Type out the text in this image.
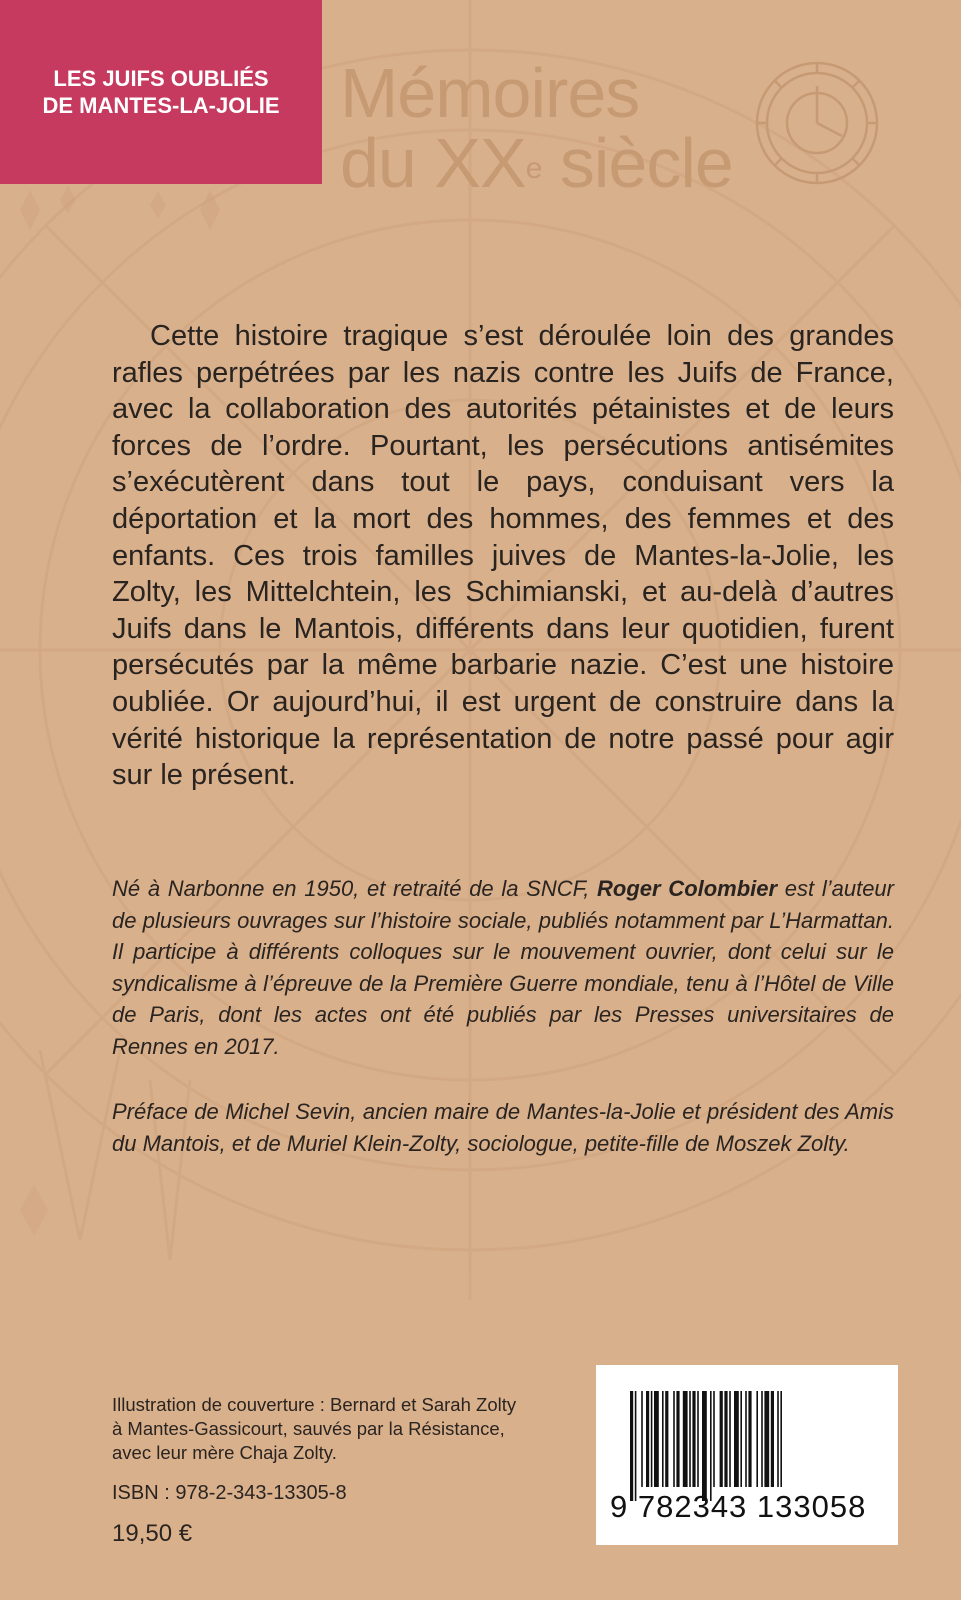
LES JUIFS OUBLIÉS
DE MANTES-LA-JOLIE Mémoires
du XXe siècle

Cette histoire tragique s’est déroulée loin des grandes rafles perpétrées par les nazis contre les Juifs de France, avec la collaboration des autorités pétainistes et de leurs forces de l’ordre. Pourtant, les persécutions antisémites s’exécutèrent dans tout le pays, conduisant vers la déportation et la mort des hommes, des femmes et des enfants. Ces trois familles juives de Mantes-la-Jolie, les Zolty, les Mittelchtein, les Schimianski, et au-delà d’autres Juifs dans le Mantois, différents dans leur quotidien, furent persécutés par la même barbarie nazie. C’est une histoire oubliée. Or aujourd’hui, il est urgent de construire dans la vérité historique la représentation de notre passé pour agir sur le présent.

Né à Narbonne en 1950, et retraité de la SNCF, Roger Colombier est l’auteur de plusieurs ouvrages sur l’histoire sociale, publiés notamment par L’Harmattan. Il participe à différents colloques sur le mouvement ouvrier, dont celui sur le syndicalisme à l’épreuve de la Première Guerre mondiale, tenu à l’Hôtel de Ville de Paris, dont les actes ont été publiés par les Presses universitaires de Rennes en 2017.

Préface de Michel Sevin, ancien maire de Mantes-la-Jolie et président des Amis du Mantois, et de Muriel Klein-Zolty, sociologue, petite-fille de Moszek Zolty.

Illustration de couverture : Bernard et Sarah Zolty
à Mantes-Gassicourt, sauvés par la Résistance,
avec leur mère Chaja Zolty.
ISBN : 978-2-343-13305-8
19,50 €
9 782343 133058
